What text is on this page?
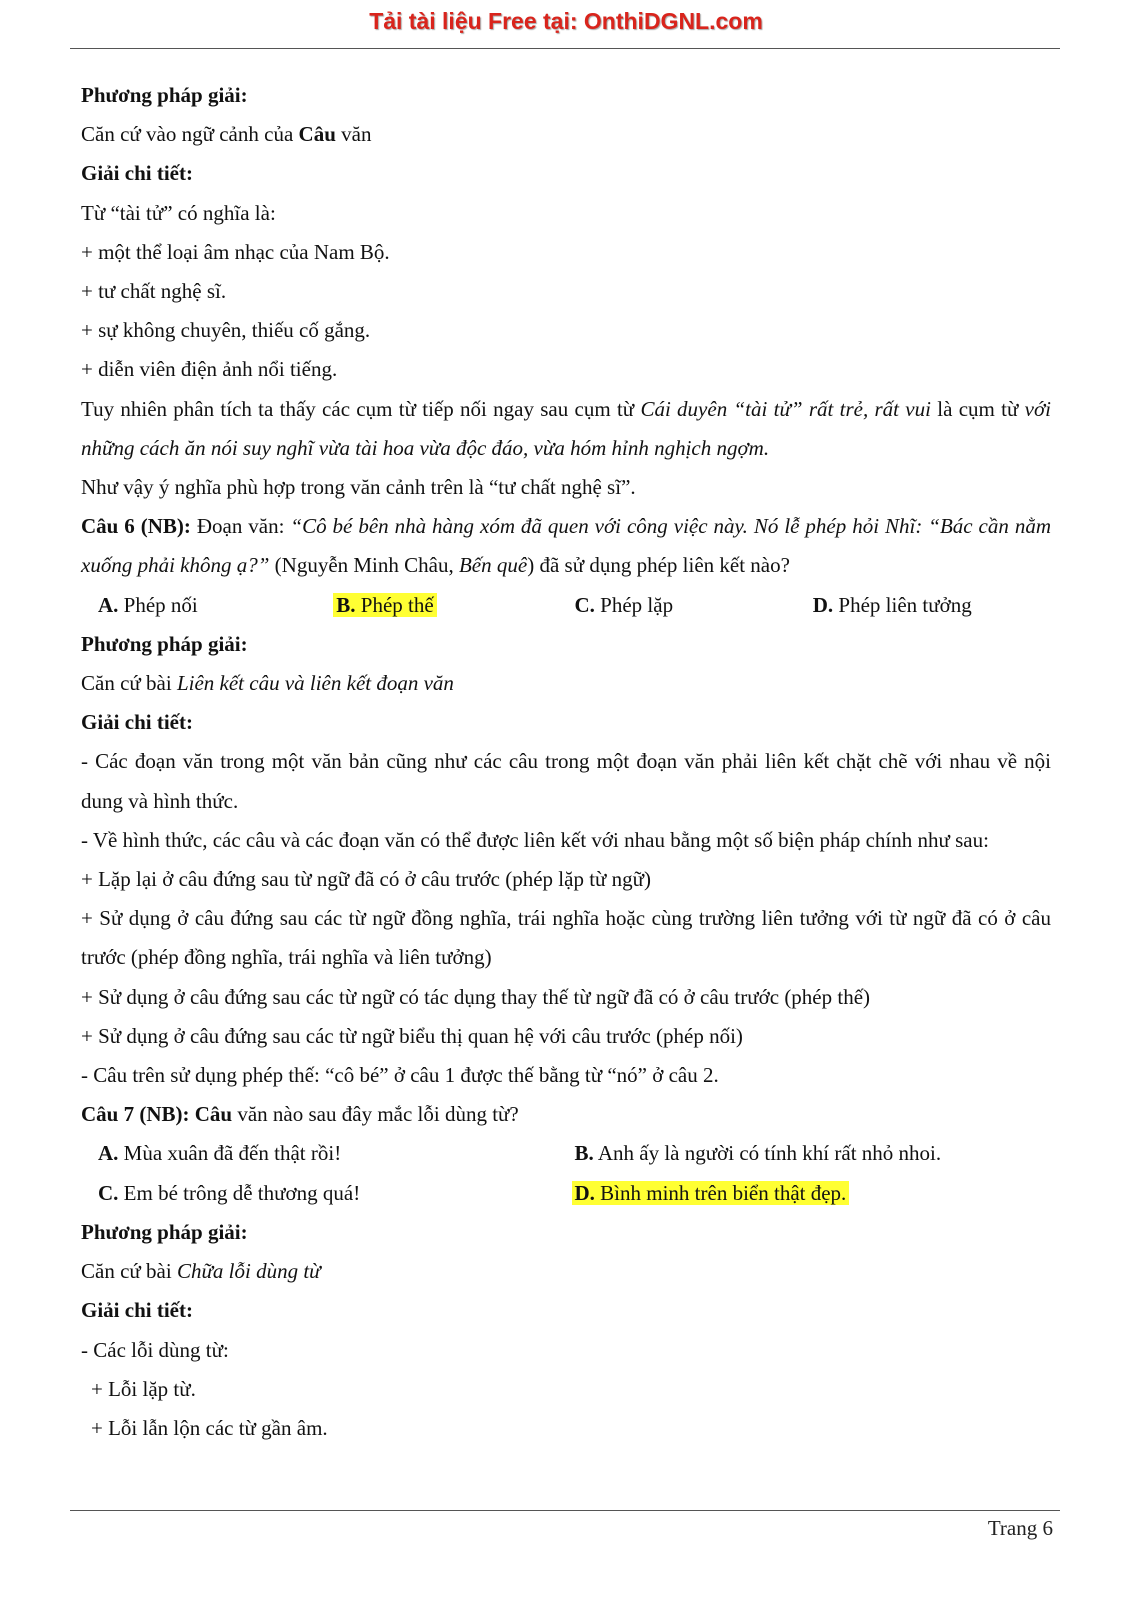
Tải tài liệu Free tại: OnthiDGNL.com

Phương pháp giải:

Căn cứ vào ngữ cảnh của Câu văn

Giải chi tiết:

Từ “tài tử” có nghĩa là:

+ một thể loại âm nhạc của Nam Bộ.

+ tư chất nghệ sĩ.

+ sự không chuyên, thiếu cố gắng.

+ diễn viên điện ảnh nổi tiếng.

Tuy nhiên phân tích ta thấy các cụm từ tiếp nối ngay sau cụm từ Cái duyên “tài tử” rất trẻ, rất vui là cụm từ với những cách ăn nói suy nghĩ vừa tài hoa vừa độc đáo, vừa hóm hỉnh nghịch ngợm.

Như vậy ý nghĩa phù hợp trong văn cảnh trên là “tư chất nghệ sĩ”.

Câu 6 (NB): Đoạn văn: “Cô bé bên nhà hàng xóm đã quen với công việc này. Nó lễ phép hỏi Nhĩ: “Bác cần nằm xuống phải không ạ?” (Nguyễn Minh Châu, Bến quê) đã sử dụng phép liên kết nào?

A. Phép nối	B. Phép thế	C. Phép lặp	D. Phép liên tưởng

Phương pháp giải:

Căn cứ bài Liên kết câu và liên kết đoạn văn

Giải chi tiết:

- Các đoạn văn trong một văn bản cũng như các câu trong một đoạn văn phải liên kết chặt chẽ với nhau về nội dung và hình thức.

- Về hình thức, các câu và các đoạn văn có thể được liên kết với nhau bằng một số biện pháp chính như sau:

+ Lặp lại ở câu đứng sau từ ngữ đã có ở câu trước (phép lặp từ ngữ)

+ Sử dụng ở câu đứng sau các từ ngữ đồng nghĩa, trái nghĩa hoặc cùng trường liên tưởng với từ ngữ đã có ở câu trước (phép đồng nghĩa, trái nghĩa và liên tưởng)

+ Sử dụng ở câu đứng sau các từ ngữ có tác dụng thay thế từ ngữ đã có ở câu trước (phép thế)

+ Sử dụng ở câu đứng sau các từ ngữ biểu thị quan hệ với câu trước (phép nối)

- Câu trên sử dụng phép thế: “cô bé” ở câu 1 được thế bằng từ “nó” ở câu 2.

Câu 7 (NB): Câu văn nào sau đây mắc lỗi dùng từ?

A. Mùa xuân đã đến thật rồi!	B. Anh ấy là người có tính khí rất nhỏ nhoi.
C. Em bé trông dễ thương quá!	D. Bình minh trên biển thật đẹp.

Phương pháp giải:

Căn cứ bài Chữa lỗi dùng từ

Giải chi tiết:

- Các lỗi dùng từ:

+ Lỗi lặp từ.

+ Lỗi lẫn lộn các từ gần âm.

Trang 6
